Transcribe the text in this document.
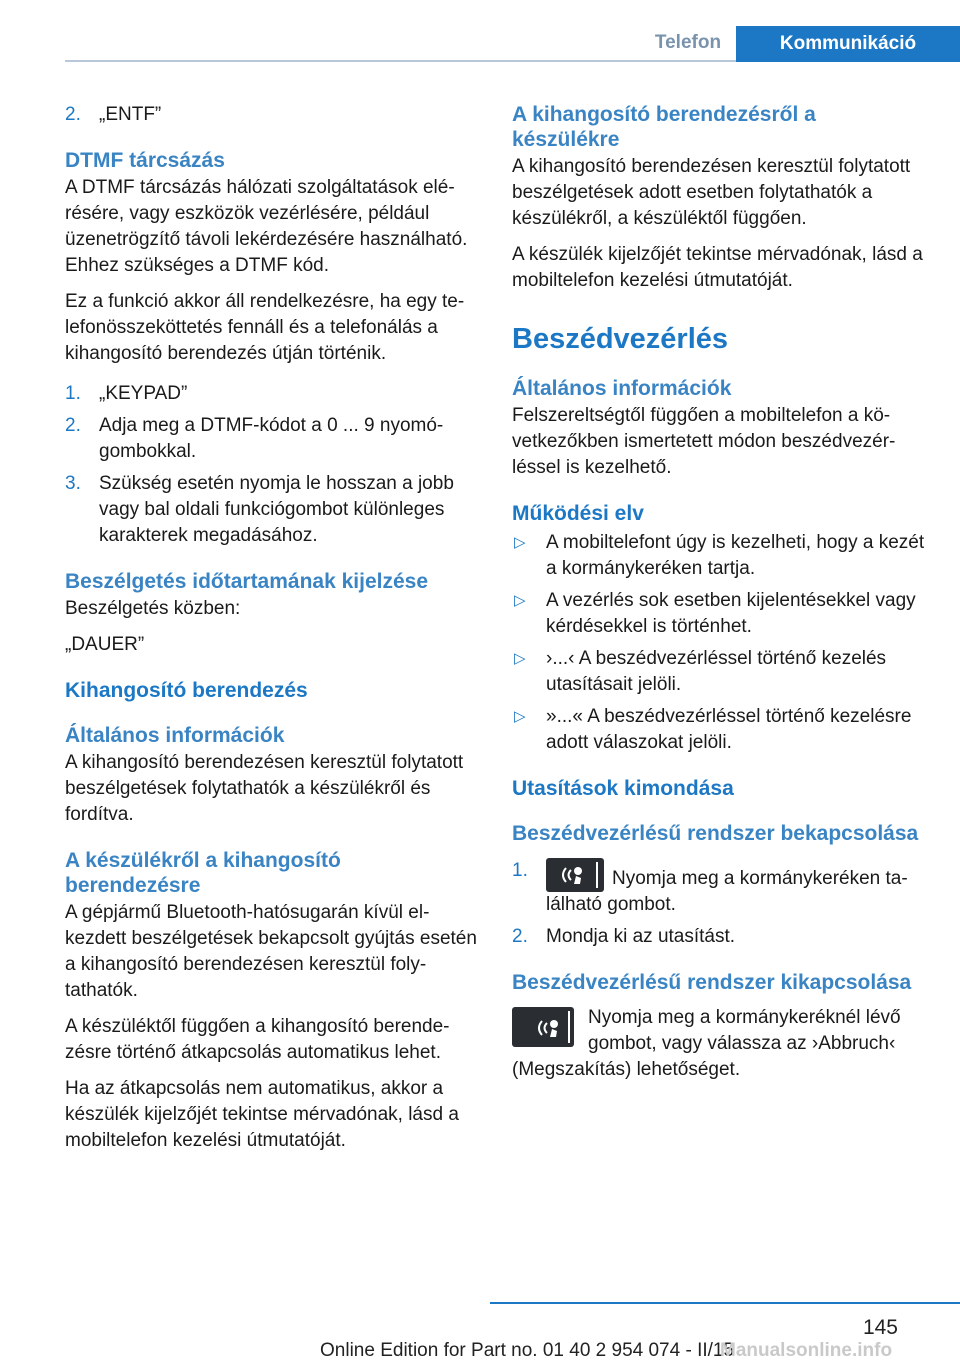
Telefon	Kommunikáció
2. „ENTF”
DTMF tárcsázás

A DTMF tárcsázás hálózati szolgáltatások elérésére, vagy eszközök vezérlésére, például üzenetrögzítő távoli lekérdezésére használható. Ehhez szükséges a DTMF kód.

Ez a funkció akkor áll rendelkezésre, ha egy telefonösszeköttetés fennáll és a telefonálás a kihangosító berendezés útján történik.

1. „KEYPAD”
2. Adja meg a DTMF-kódot a 0 ... 9 nyomógombokkal.
3. Szükség esetén nyomja le hosszan a jobb vagy bal oldali funkciógombot különleges karakterek megadásához.
Beszélgetés időtartamának kijelzése

Beszélgetés közben:

„DAUER”

Kihangosító berendezés
Általános információk

A kihangosító berendezésen keresztül folytatott beszélgetések folytathatók a készülékről és fordítva.

A készülékről a kihangosító berendezésre

A gépjármű Bluetooth-hatósugarán kívül elkezdett beszélgetések bekapcsolt gyújtás esetén a kihangosító berendezésen keresztül folytathatók.

A készüléktől függően a kihangosító berendezésre történő átkapcsolás automatikus lehet.

Ha az átkapcsolás nem automatikus, akkor a készülék kijelzőjét tekintse mérvadónak, lásd a mobiltelefon kezelési útmutatóját.

A kihangosító berendezésről a készülékre

A kihangosító berendezésen keresztül folytatott beszélgetések adott esetben folytathatók a készülékről, a készüléktől függően.

A készülék kijelzőjét tekintse mérvadónak, lásd a mobiltelefon kezelési útmutatóját.

Beszédvezérlés
Általános információk

Felszereltségtől függően a mobiltelefon a következőkben ismertetett módon beszédvezérléssel is kezelhető.

Működési elv
▷ A mobiltelefont úgy is kezelheti, hogy a kezét a kormánykeréken tartja.
▷ A vezérlés sok esetben kijelentésekkel vagy kérdésekkel is történhet.
▷ ›...‹ A beszédvezérléssel történő kezelés utasításait jelöli.
▷ »...« A beszédvezérléssel történő kezelésre adott válaszokat jelöli.
Utasítások kimondása
Beszédvezérlésű rendszer bekapcsolása
1.	Nyomja meg a kormánykeréken található gombot.
2. Mondja ki az utasítást.
Beszédvezérlésű rendszer kikapcsolása

Nyomja meg a kormánykeréknél lévő gombot, vagy válassza az ›Abbruch‹ (Megszakítás) lehetőséget.

145
Online Edition for Part no. 01 40 2 954 074 - II/15
Manualsonline.info
